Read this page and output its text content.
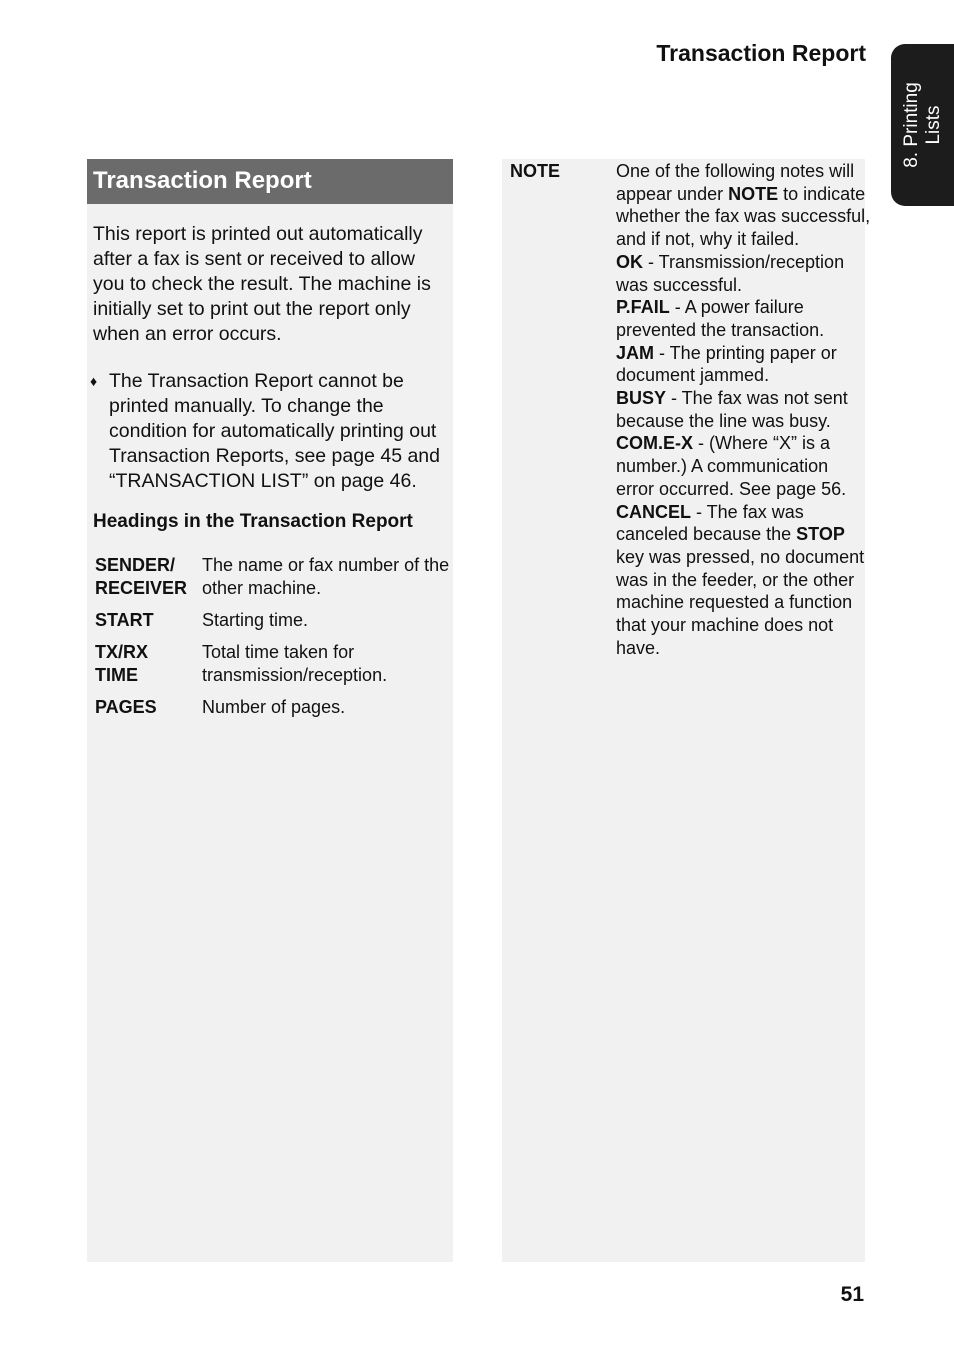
Transaction Report
8. Printing Lists
Transaction Report

This report is printed out automatically after a fax is sent or received to allow you to check the result. The machine is initially set to print out the report only when an error occurs.

♦ The Transaction Report cannot be printed manually. To change the condition for automatically printing out Transaction Reports, see page 45 and “TRANSACTION LIST” on page 46.
Headings in the Transaction Report
SENDER/
RECEIVER	The name or fax number of the other machine.
START	Starting time.
TX/RX
TIME	Total time taken for transmission/reception.
PAGES	Number of pages.
NOTE	One of the following notes will appear under NOTE to indicate whether the fax was successful, and if not, why it failed.

OK - Transmission/reception was successful.

P.FAIL - A power failure prevented the transaction.

JAM - The printing paper or document jammed.

BUSY - The fax was not sent because the line was busy.

COM.E-X - (Where “X” is a number.) A communication error occurred. See page 56.

CANCEL - The fax was canceled because the STOP key was pressed, no document was in the feeder, or the other machine requested a function that your machine does not have.

51
